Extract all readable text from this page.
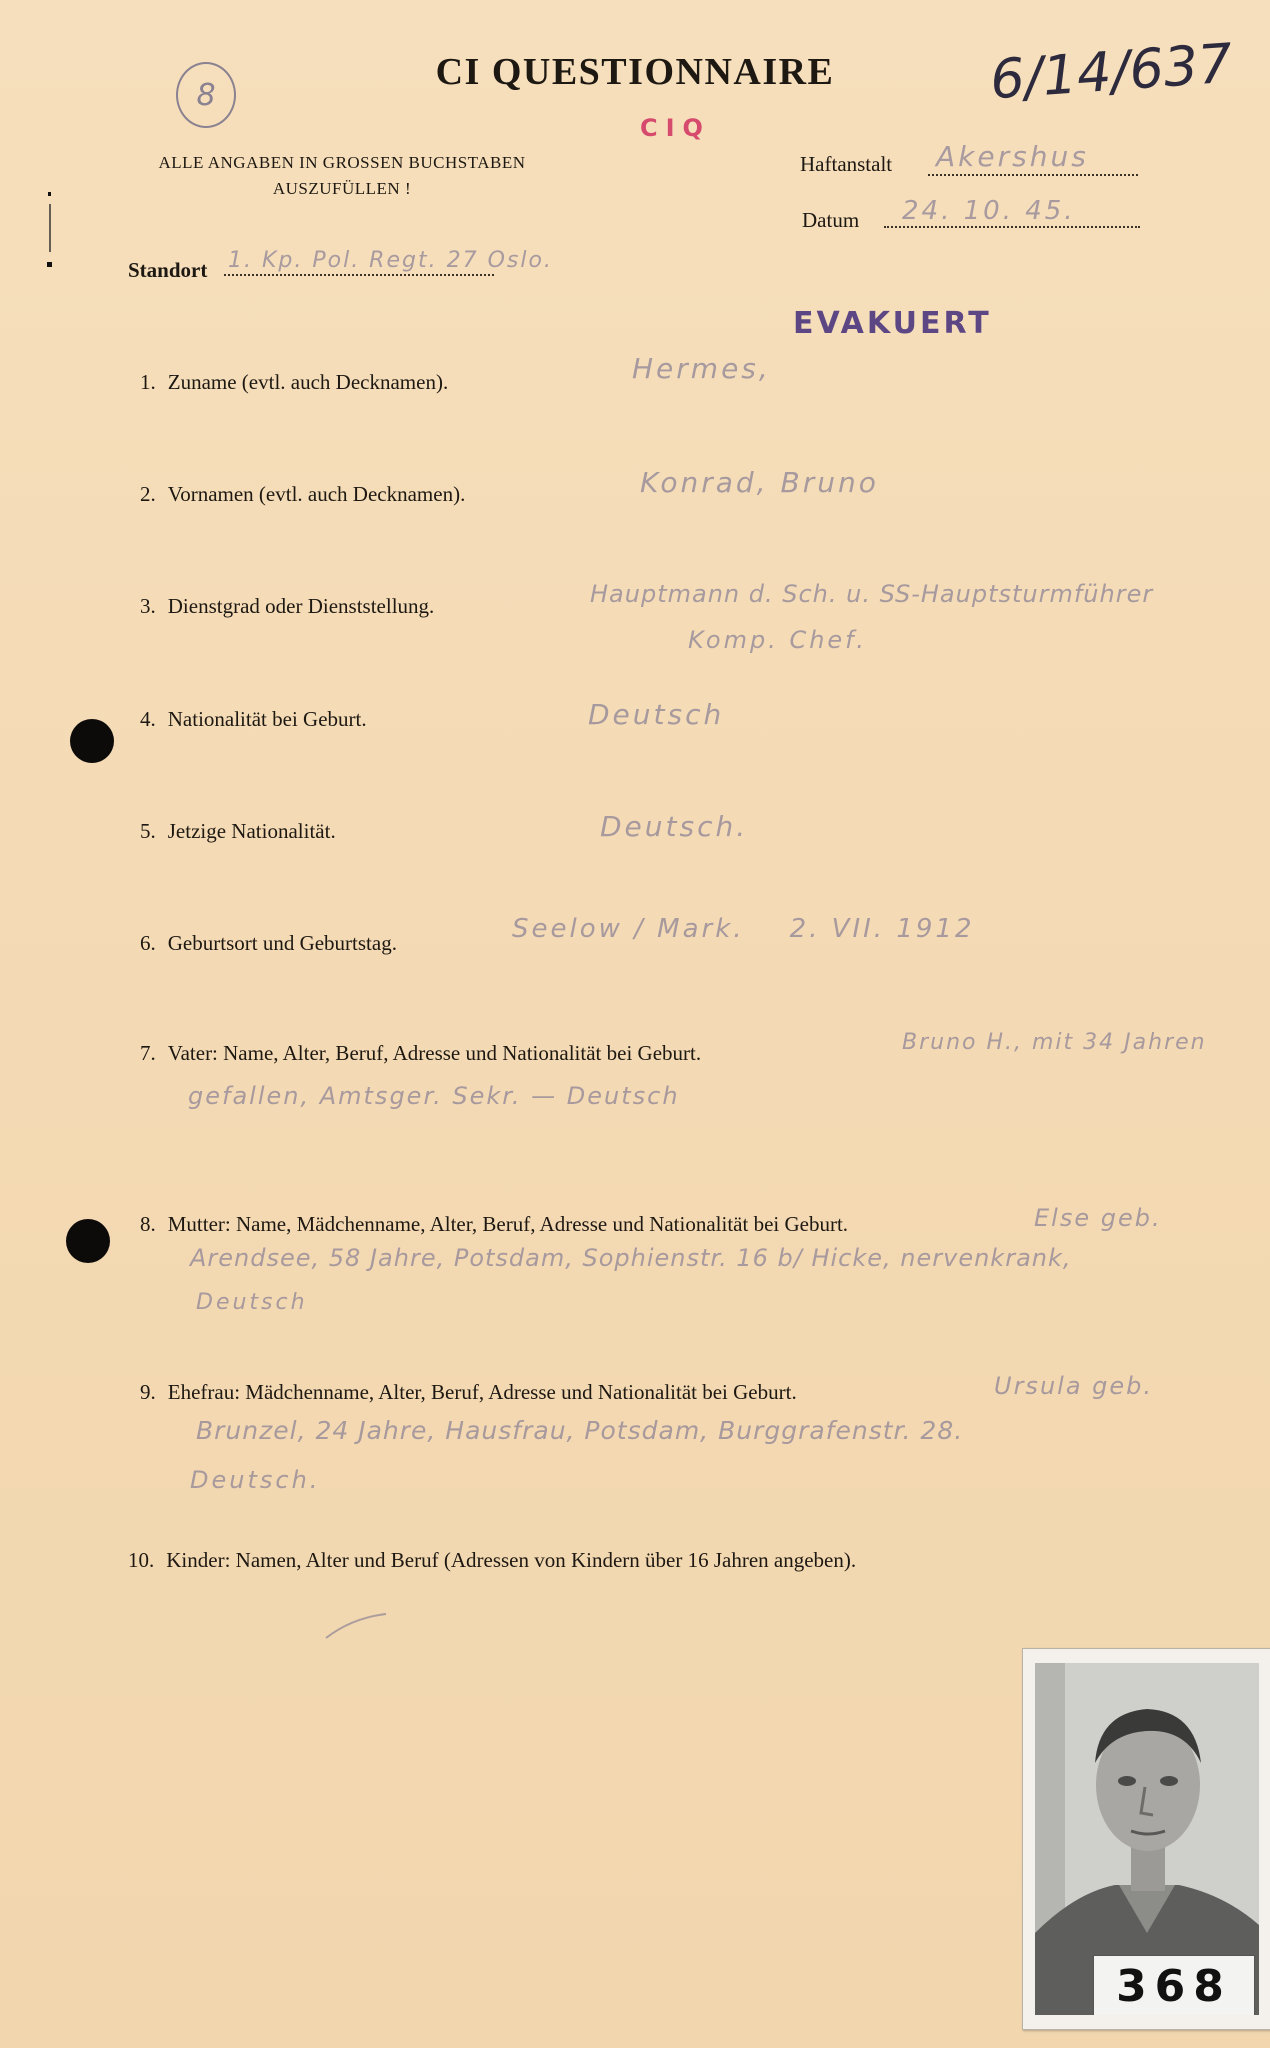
8
CI QUESTIONNAIRE	6/14/637
CIQ
ALLE ANGABEN IN GROSSEN BUCHSTABEN
AUSZUFÜLLEN !
Haftanstalt Akershus
Datum 24. 10. 45.
Standort 1. Kp. Pol. Regt. 27 Oslo.
EVAKUERT
1. Zuname (evtl. auch Decknamen).	Hermes,
2. Vornamen (evtl. auch Decknamen).	Konrad, Bruno
3. Dienstgrad oder Dienststellung.	Hauptmann d. Sch. u. SS-Hauptsturmführer
Komp. Chef.
4. Nationalität bei Geburt.	Deutsch
5. Jetzige Nationalität.	Deutsch.
6. Geburtsort und Geburtstag.	Seelow / Mark.    2. VII. 1912
7. Vater: Name, Alter, Beruf, Adresse und Nationalität bei Geburt.	Bruno H., mit 34 Jahren
gefallen, Amtsger. Sekr. — Deutsch
8. Mutter: Name, Mädchenname, Alter, Beruf, Adresse und Nationalität bei Geburt.	Else geb.
Arendsee, 58 Jahre, Potsdam, Sophienstr. 16 b/ Hicke, nervenkrank,
Deutsch
9. Ehefrau: Mädchenname, Alter, Beruf, Adresse und Nationalität bei Geburt.	Ursula geb.
Brunzel, 24 Jahre, Hausfrau, Potsdam, Burggrafenstr. 28.
Deutsch.
10. Kinder: Namen, Alter und Beruf (Adressen von Kindern über 16 Jahren angeben).
368
